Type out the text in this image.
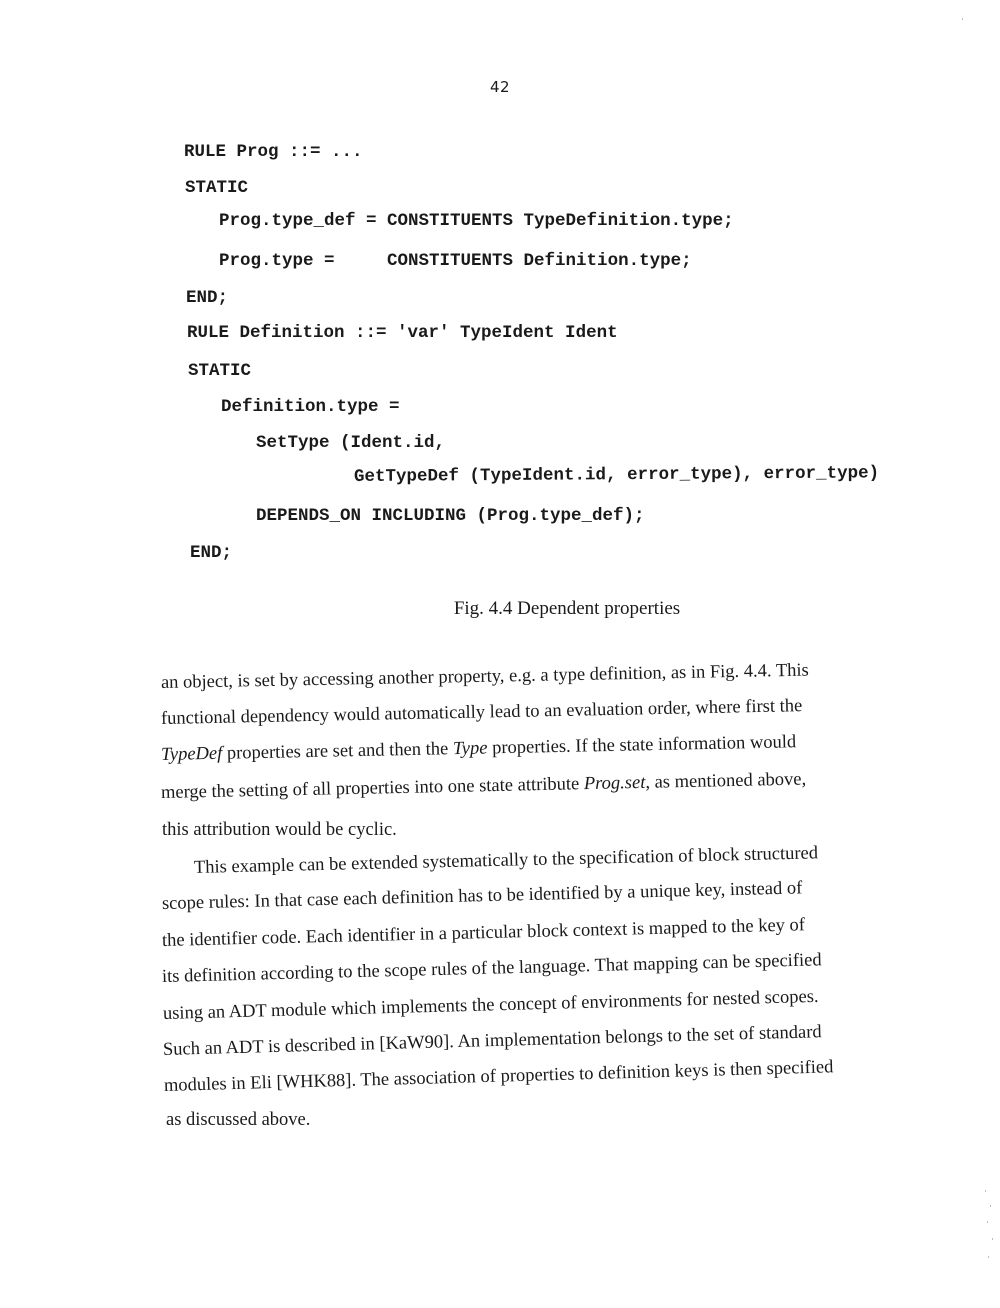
42

RULE Prog ::= ...

STATIC

Prog.type_def = CONSTITUENTS TypeDefinition.type;

Prog.type =     CONSTITUENTS Definition.type;

END;

RULE Definition ::= 'var' TypeIdent Ident

STATIC

Definition.type =

SetType (Ident.id,

GetTypeDef (TypeIdent.id, error_type), error_type)

DEPENDS_ON INCLUDING (Prog.type_def);

END;

Fig. 4.4 Dependent properties
an object, is set by accessing another property, e.g. a type definition, as in Fig. 4.4. This
functional dependency would automatically lead to an evaluation order, where first the
TypeDef properties are set and then the Type properties. If the state information would
merge the setting of all properties into one state attribute Prog.set, as mentioned above,
this attribution would be cyclic.
This example can be extended systematically to the specification of block structured
scope rules: In that case each definition has to be identified by a unique key, instead of
the identifier code. Each identifier in a particular block context is mapped to the key of
its definition according to the scope rules of the language. That mapping can be specified
using an ADT module which implements the concept of environments for nested scopes.
Such an ADT is described in [KaW90]. An implementation belongs to the set of standard
modules in Eli [WHK88]. The association of properties to definition keys is then specified
as discussed above.
